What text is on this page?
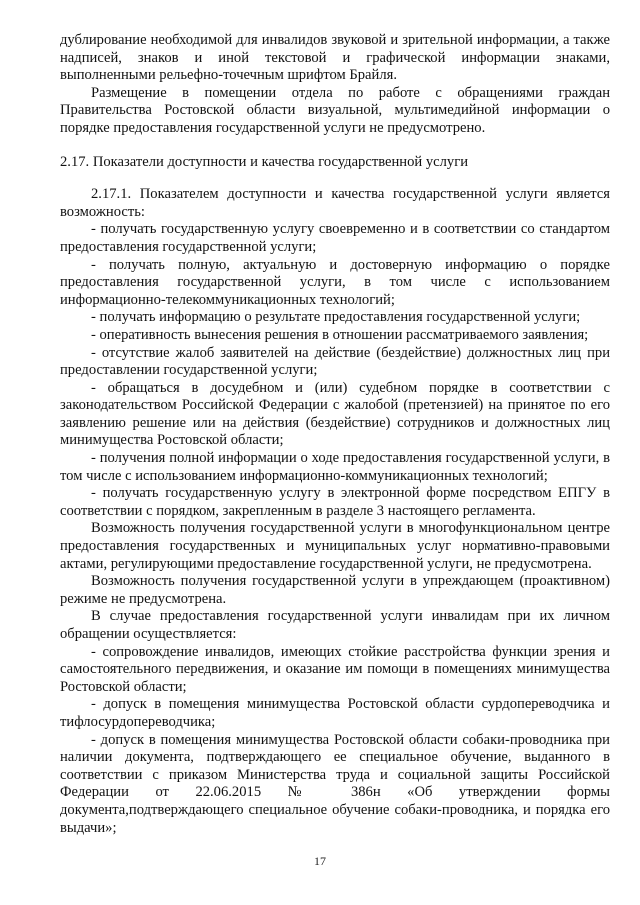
дублирование необходимой для инвалидов звуковой и зрительной информации, а также надписей, знаков и иной текстовой и графической информации знаками, выполненными рельефно-точечным шрифтом Брайля.

Размещение в помещении отдела по работе с обращениями граждан Правительства Ростовской области визуальной, мультимедийной информации о порядке предоставления государственной услуги не предусмотрено.

2.17. Показатели доступности и качества государственной услуги

2.17.1. Показателем доступности и качества государственной услуги является возможность:

- получать государственную услугу своевременно и в соответствии со стандартом предоставления государственной услуги;

- получать полную, актуальную и достоверную информацию о порядке предоставления государственной услуги, в том числе с использованием информационно-телекоммуникационных технологий;

- получать информацию о результате предоставления государственной услуги;

- оперативность вынесения решения в отношении рассматриваемого заявления;

- отсутствие жалоб заявителей на действие (бездействие) должностных лиц при предоставлении государственной услуги;

- обращаться в досудебном и (или) судебном порядке в соответствии с законодательством Российской Федерации с жалобой (претензией) на принятое по его заявлению решение или на действия (бездействие) сотрудников и должностных лиц минимущества Ростовской области;

- получения полной информации о ходе предоставления государственной услуги, в том числе с использованием информационно-коммуникационных технологий;

- получать государственную услугу в электронной форме посредством ЕПГУ в соответствии с порядком, закрепленным в разделе 3 настоящего регламента.

Возможность получения государственной услуги в многофункциональном центре предоставления государственных и муниципальных услуг нормативно-правовыми актами, регулирующими предоставление государственной услуги, не предусмотрена.

Возможность получения государственной услуги в упреждающем (проактивном) режиме не предусмотрена.

В случае предоставления государственной услуги инвалидам при их личном обращении осуществляется:

- сопровождение инвалидов, имеющих стойкие расстройства функции зрения и самостоятельного передвижения, и оказание им помощи в помещениях минимущества Ростовской области;

- допуск в помещения минимущества Ростовской области сурдопереводчика и тифлосурдопереводчика;

- допуск в помещения минимущества Ростовской области собаки-проводника при наличии документа, подтверждающего ее специальное обучение, выданного в соответствии с приказом Министерства труда и социальной защиты Российской Федерации от 22.06.2015 № 386н «Об утверждении формы документа,подтверждающего специальное обучение собаки-проводника, и порядка его выдачи»;

17
